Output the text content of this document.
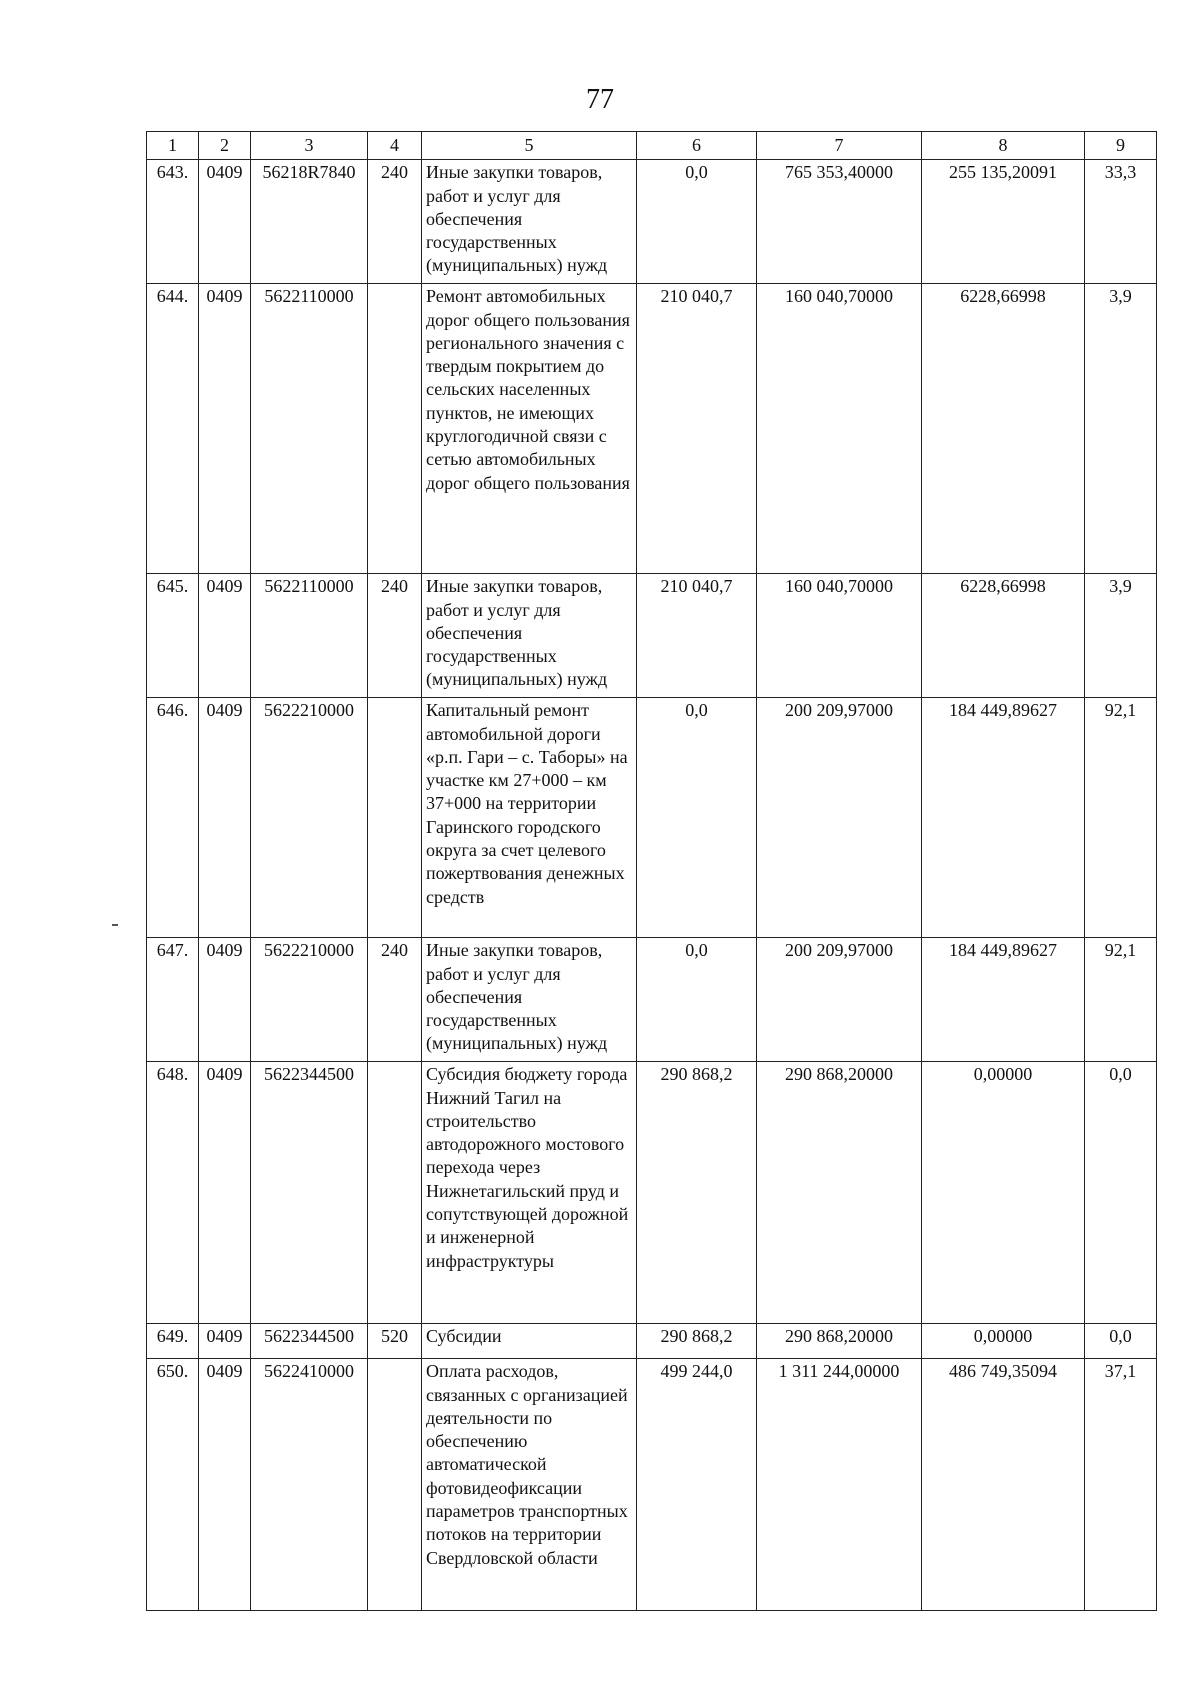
77
1	2	3	4	5	6	7	8	9
643.	0409	56218R7840	240	Иные закупки товаров, работ и услуг для обеспечения государственных (муниципальных) нужд	0,0	765 353,40000	255 135,20091	33,3
644.	0409	5622110000		Ремонт автомобильных дорог общего пользования регионального значения с твердым покрытием до сельских населенных пунктов, не имеющих круглогодичной связи с сетью автомобильных дорог общего пользования	210 040,7	160 040,70000	6228,66998	3,9
645.	0409	5622110000	240	Иные закупки товаров, работ и услуг для обеспечения государственных (муниципальных) нужд	210 040,7	160 040,70000	6228,66998	3,9
646.	0409	5622210000		Капитальный ремонт автомобильной дороги «р.п. Гари – с. Таборы» на участке км 27+000 – км 37+000 на территории Гаринского городского округа за счет целевого пожертвования денежных средств	0,0	200 209,97000	184 449,89627	92,1
647.	0409	5622210000	240	Иные закупки товаров, работ и услуг для обеспечения государственных (муниципальных) нужд	0,0	200 209,97000	184 449,89627	92,1
648.	0409	5622344500		Субсидия бюджету города Нижний Тагил на строительство автодорожного мостового перехода через Нижнетагильский пруд и сопутствующей дорожной и инженерной инфраструктуры	290 868,2	290 868,20000	0,00000	0,0
649.	0409	5622344500	520	Субсидии	290 868,2	290 868,20000	0,00000	0,0
650.	0409	5622410000		Оплата расходов, связанных с организацией деятельности по обеспечению автоматической фотовидеофиксации параметров транспортных потоков на территории Свердловской области	499 244,0	1 311 244,00000	486 749,35094	37,1
